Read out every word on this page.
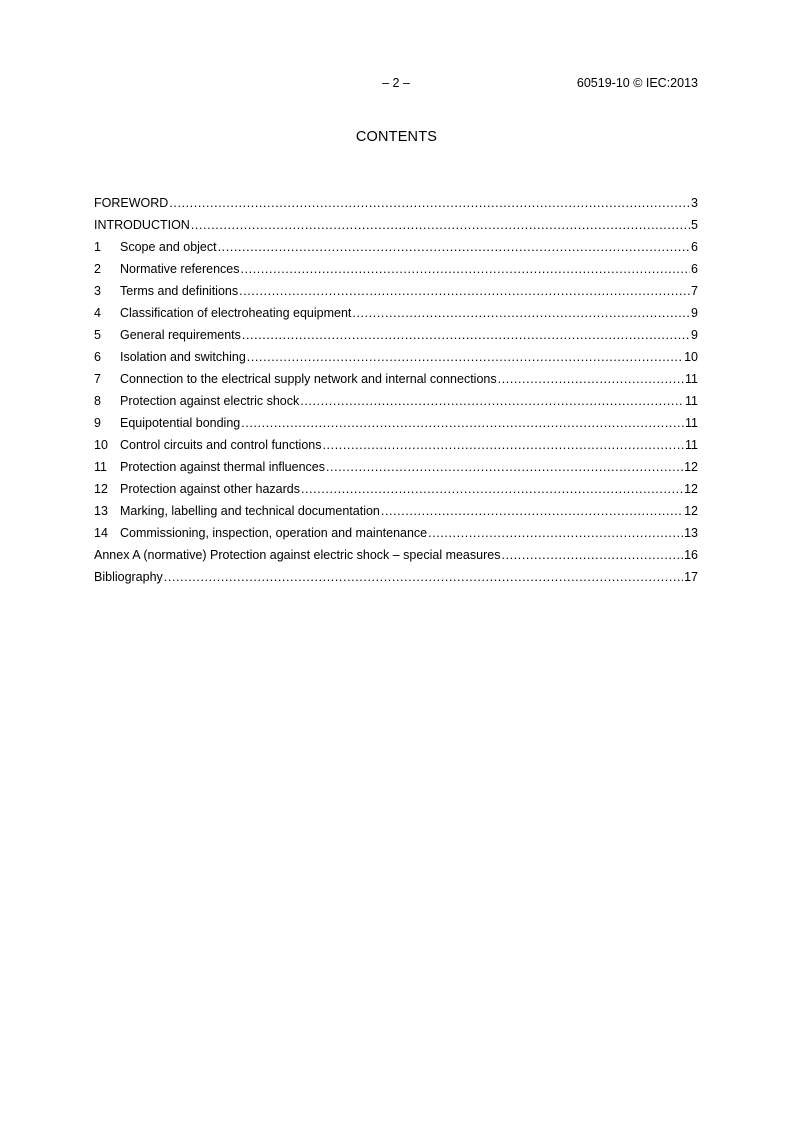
– 2 –	60519-10 © IEC:2013
CONTENTS
FOREWORD .....	3
INTRODUCTION .....	5
1	Scope and object .....	6
2	Normative references .....	6
3	Terms and definitions .....	7
4	Classification of electroheating equipment .....	9
5	General requirements .....	9
6	Isolation and switching .....	10
7	Connection to the electrical supply network and internal connections .....	11
8	Protection against electric shock .....	11
9	Equipotential bonding .....	11
10 Control circuits and control functions .....	11
11	Protection against thermal influences .....	12
12 Protection against other hazards .....	12
13 Marking, labelling and technical documentation .....	12
14 Commissioning, inspection, operation and maintenance .....	13
Annex A (normative) Protection against electric shock – special measures .....	16
Bibliography .....	17
